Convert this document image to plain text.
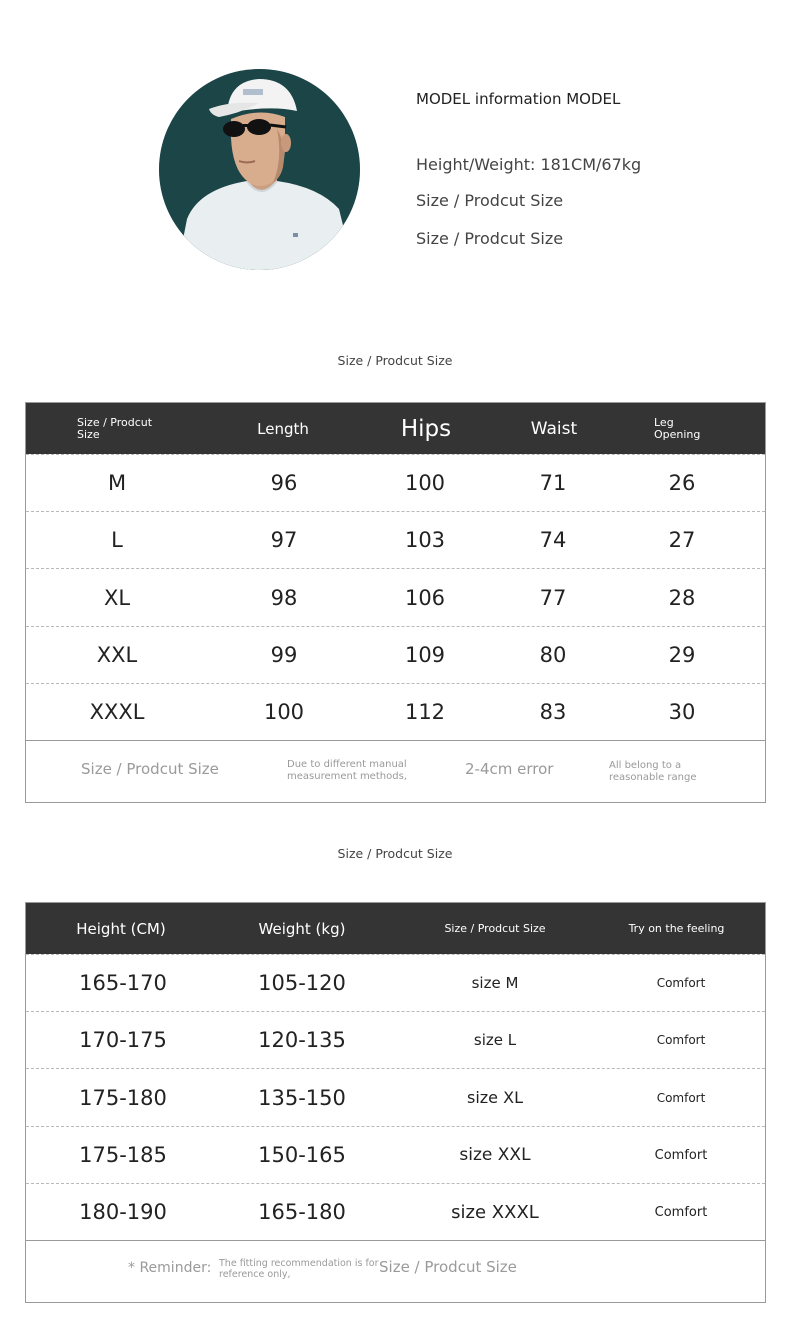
MODEL information MODEL
Height/Weight: 181CM/67kg
Size / Prodcut Size
Size / Prodcut Size
Size / Prodcut Size
Size / Prodcut Size	Length	Hips	Waist	Leg Opening
M	96	100	71	26
L	97	103	74	27
XL	98	106	77	28
XXL	99	109	80	29
XXXL	100	112	83	30
Size / Prodcut Size	Due to different manual measurement methods,	2-4cm error	All belong to a reasonable range
Size / Prodcut Size
Height (CM)	Weight (kg)	Size / Prodcut Size	Try on the feeling
165-170	105-120	size M	Comfort
170-175	120-135	size L	Comfort
175-180	135-150	size XL	Comfort
175-185	150-165	size XXL	Comfort
180-190	165-180	size XXXL	Comfort
* Reminder: The fitting recommendation is for reference only,	Size / Prodcut Size
